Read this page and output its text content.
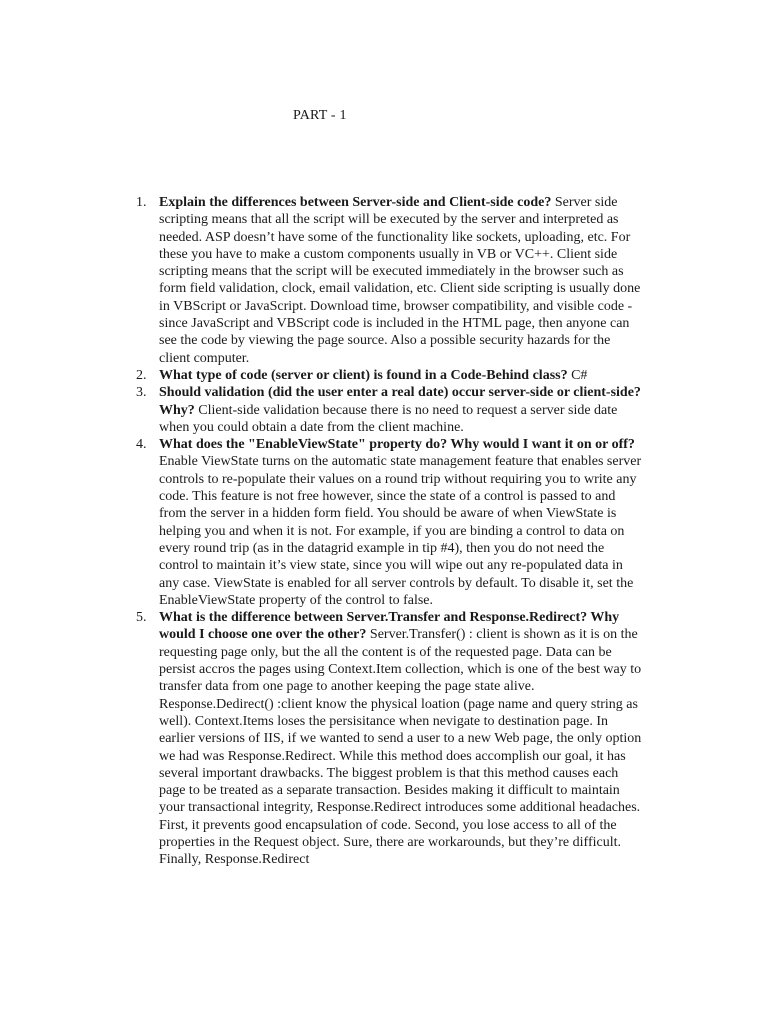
PART - 1
1. Explain the differences between Server-side and Client-side code? Server side scripting means that all the script will be executed by the server and interpreted as needed. ASP doesn’t have some of the functionality like sockets, uploading, etc. For these you have to make a custom components usually in VB or VC++. Client side scripting means that the script will be executed immediately in the browser such as form field validation, clock, email validation, etc. Client side scripting is usually done in VBScript or JavaScript. Download time, browser compatibility, and visible code - since JavaScript and VBScript code is included in the HTML page, then anyone can see the code by viewing the page source. Also a possible security hazards for the client computer.
2. What type of code (server or client) is found in a Code-Behind class? C#
3. Should validation (did the user enter a real date) occur server-side or client-side? Why? Client-side validation because there is no need to request a server side date when you could obtain a date from the client machine.
4. What does the "EnableViewState" property do? Why would I want it on or off? Enable ViewState turns on the automatic state management feature that enables server controls to re-populate their values on a round trip without requiring you to write any code. This feature is not free however, since the state of a control is passed to and from the server in a hidden form field. You should be aware of when ViewState is helping you and when it is not. For example, if you are binding a control to data on every round trip (as in the datagrid example in tip #4), then you do not need the control to maintain it’s view state, since you will wipe out any re-populated data in any case. ViewState is enabled for all server controls by default. To disable it, set the EnableViewState property of the control to false.
5. What is the difference between Server.Transfer and Response.Redirect? Why would I choose one over the other? Server.Transfer() : client is shown as it is on the requesting page only, but the all the content is of the requested page. Data can be persist accros the pages using Context.Item collection, which is one of the best way to transfer data from one page to another keeping the page state alive. Response.Dedirect() :client know the physical loation (page name and query string as well). Context.Items loses the persisitance when nevigate to destination page. In earlier versions of IIS, if we wanted to send a user to a new Web page, the only option we had was Response.Redirect. While this method does accomplish our goal, it has several important drawbacks. The biggest problem is that this method causes each page to be treated as a separate transaction. Besides making it difficult to maintain your transactional integrity, Response.Redirect introduces some additional headaches. First, it prevents good encapsulation of code. Second, you lose access to all of the properties in the Request object. Sure, there are workarounds, but they’re difficult. Finally, Response.Redirect
